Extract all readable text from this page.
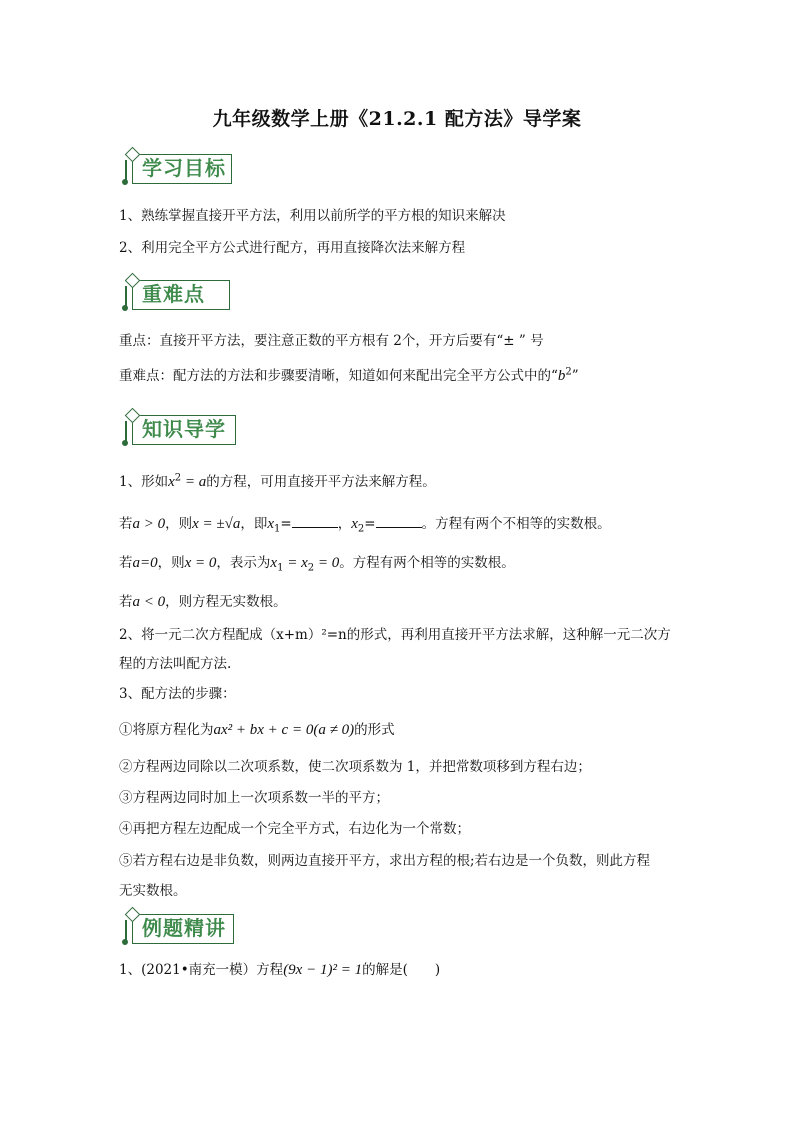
九年级数学上册《21.2.1 配方法》导学案
学习目标
1、熟练掌握直接开平方法，利用以前所学的平方根的知识来解决
2、利用完全平方公式进行配方，再用直接降次法来解方程
重难点
重点：直接开平方法，要注意正数的平方根有 2个，开方后要有“± ” 号
重难点：配方法的方法和步骤要清晰，知道如何来配出完全平方公式中的“$b^2$”
知识导学
1、形如$x^2 = a$的方程，可用直接开平方法来解方程。
若a > 0，则x = ±√a，即$x_1=$	，$x_2=$	。方程有两个不相等的实数根。
若a=0，则x = 0，表示为$x_1 = x_2 = 0$。方程有两个相等的实数根。
若a < 0，则方程无实数根。
2、将一元二次方程配成（x+m）²=n的形式，再利用直接开平方法求解，这种解一元二次方
程的方法叫配方法.
3、配方法的步骤：
①将原方程化为ax² + bx + c = 0(a ≠ 0)的形式
②方程两边同除以二次项系数，使二次项系数为 1，并把常数项移到方程右边；
③方程两边同时加上一次项系数一半的平方；
④再把方程左边配成一个完全平方式，右边化为一个常数；
⑤若方程右边是非负数，则两边直接开平方，求出方程的根;若右边是一个负数，则此方程
无实数根。
例题精讲
1、(2021•南充一模）方程(9x − 1)² = 1的解是(　　)
